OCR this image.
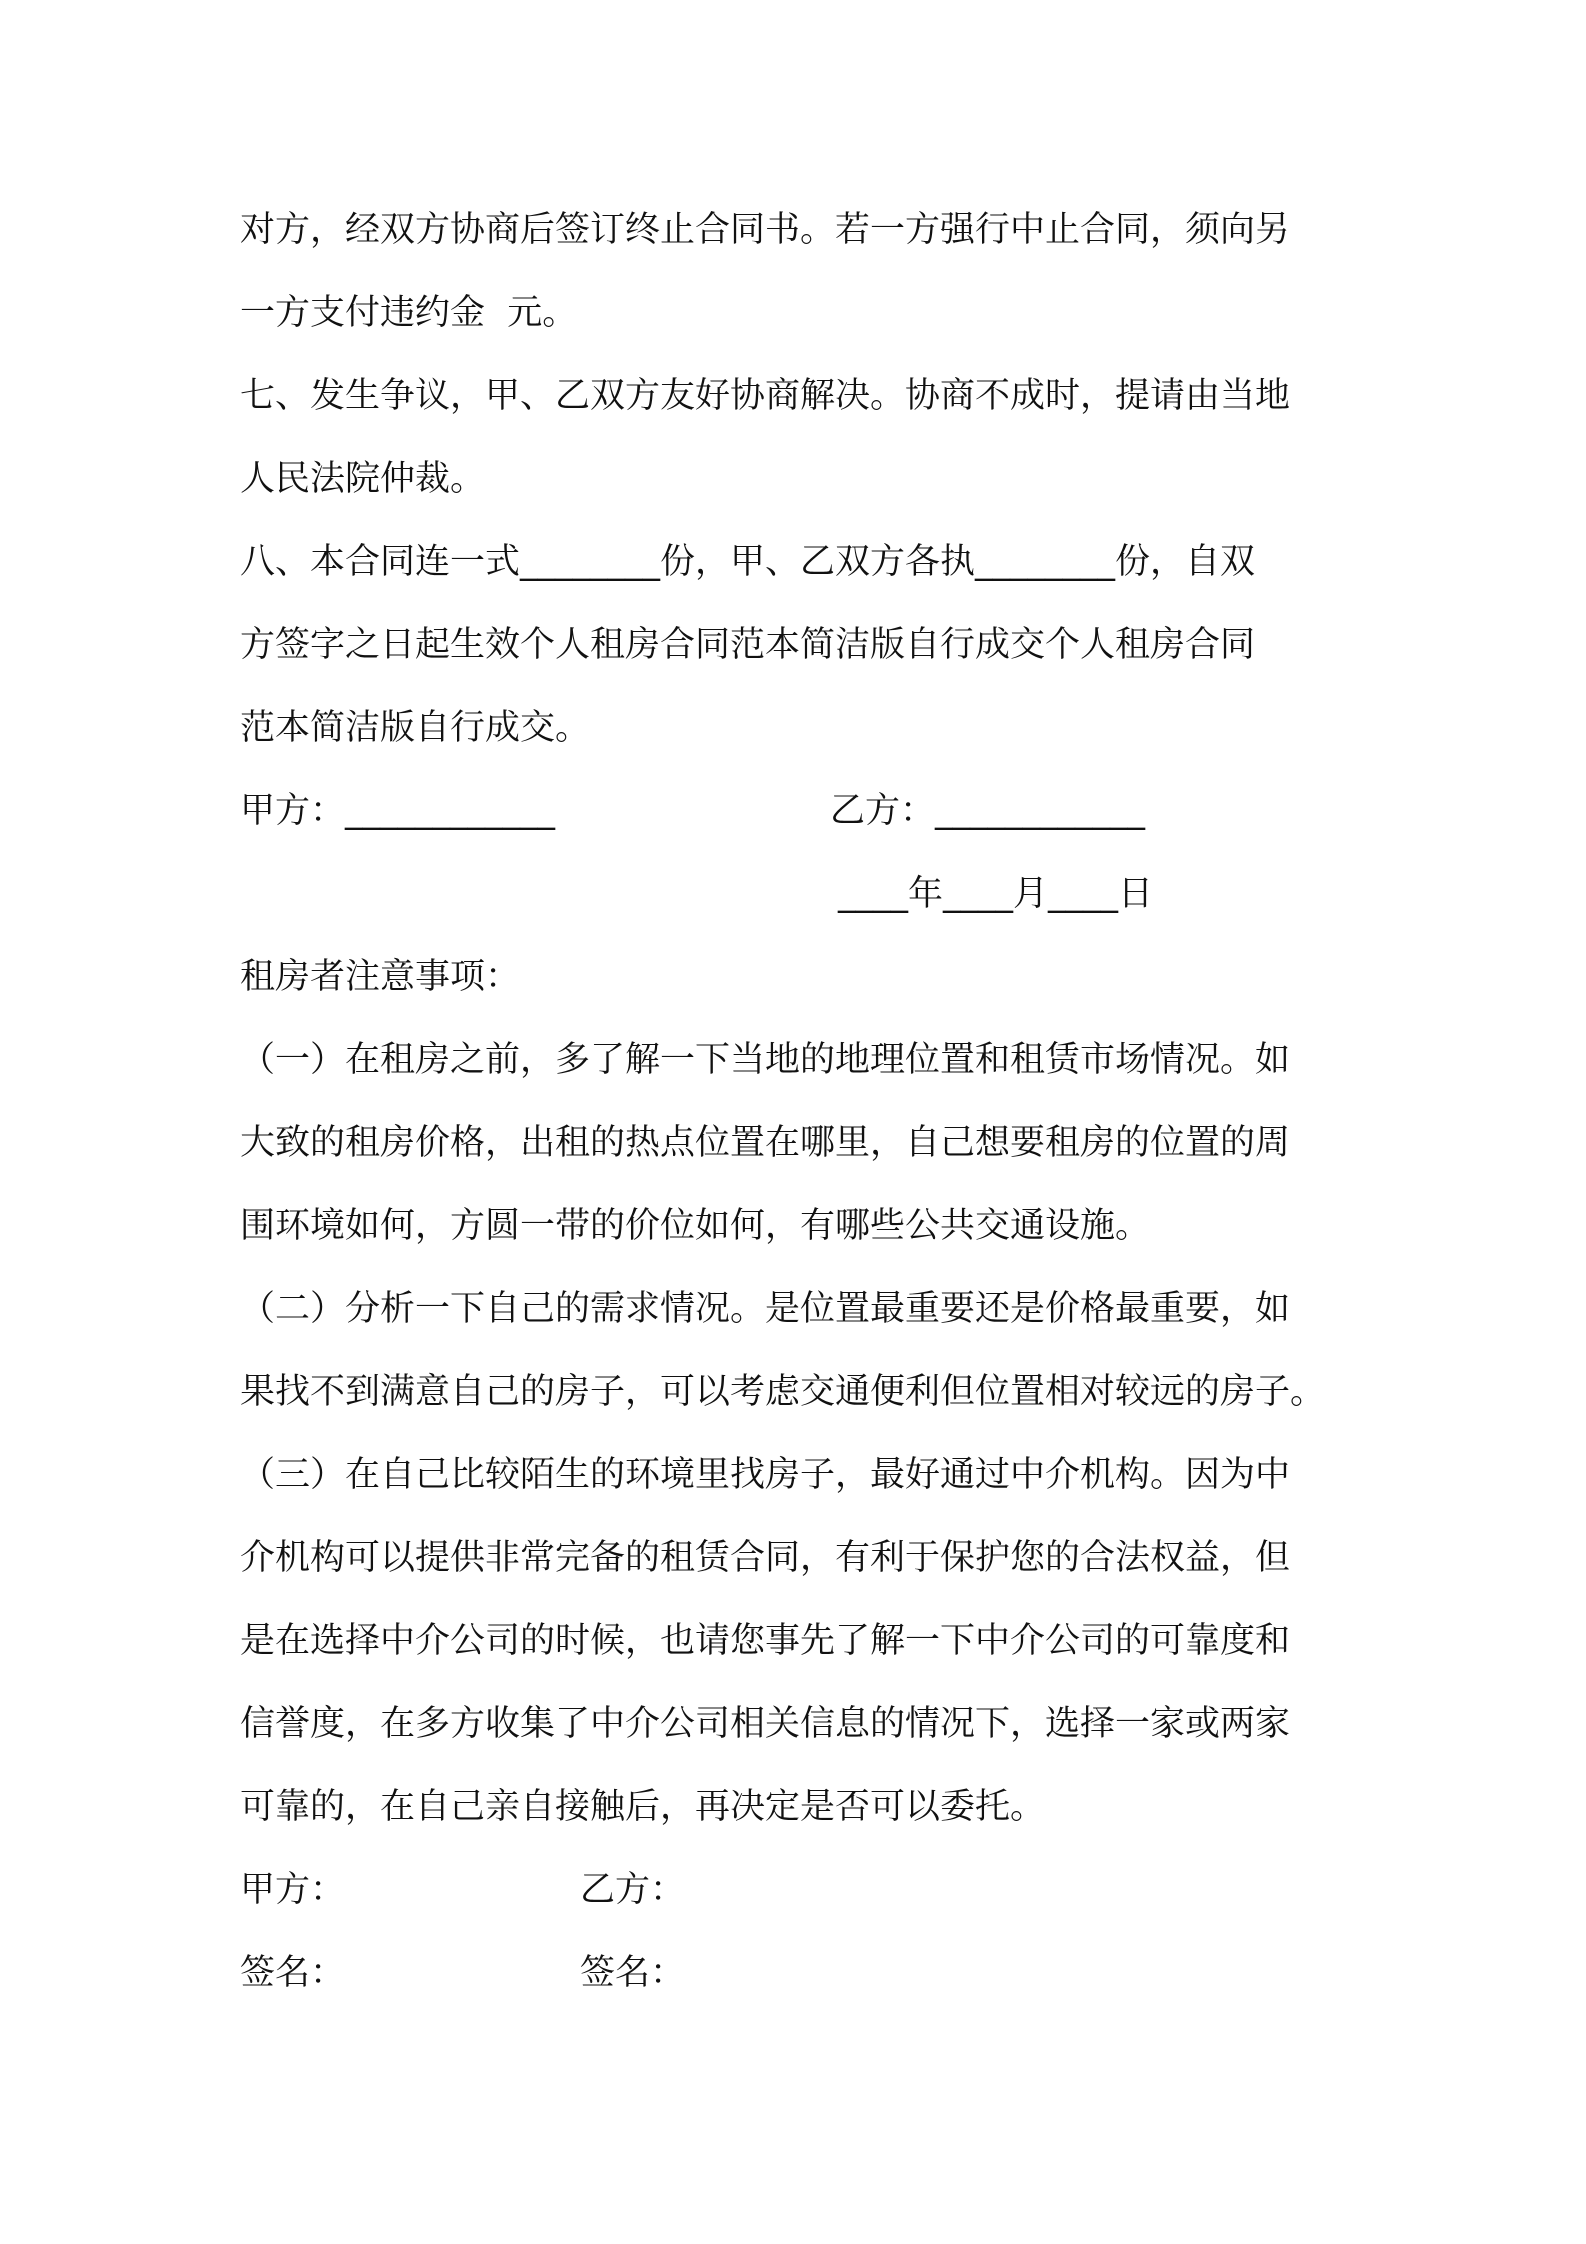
对方，经双方协商后签订终止合同书。若一方强行中止合同，须向另
一方支付违约金  元。
七、发生争议，甲、乙双方友好协商解决。协商不成时，提请由当地
人民法院仲裁。
八、本合同连一式________份，甲、乙双方各执________份，自双
方签字之日起生效个人租房合同范本简洁版自行成交个人租房合同
范本简洁版自行成交。
甲方：____________	乙方：____________
____年____月____日
租房者注意事项：
（一）在租房之前，多了解一下当地的地理位置和租赁市场情况。如
大致的租房价格，出租的热点位置在哪里，自己想要租房的位置的周
围环境如何，方圆一带的价位如何，有哪些公共交通设施。
（二）分析一下自己的需求情况。是位置最重要还是价格最重要，如
果找不到满意自己的房子，可以考虑交通便利但位置相对较远的房子。
（三）在自己比较陌生的环境里找房子，最好通过中介机构。因为中
介机构可以提供非常完备的租赁合同，有利于保护您的合法权益，但
是在选择中介公司的时候，也请您事先了解一下中介公司的可靠度和
信誉度，在多方收集了中介公司相关信息的情况下，选择一家或两家
可靠的，在自己亲自接触后，再决定是否可以委托。
甲方：	乙方：
签名：	签名：
